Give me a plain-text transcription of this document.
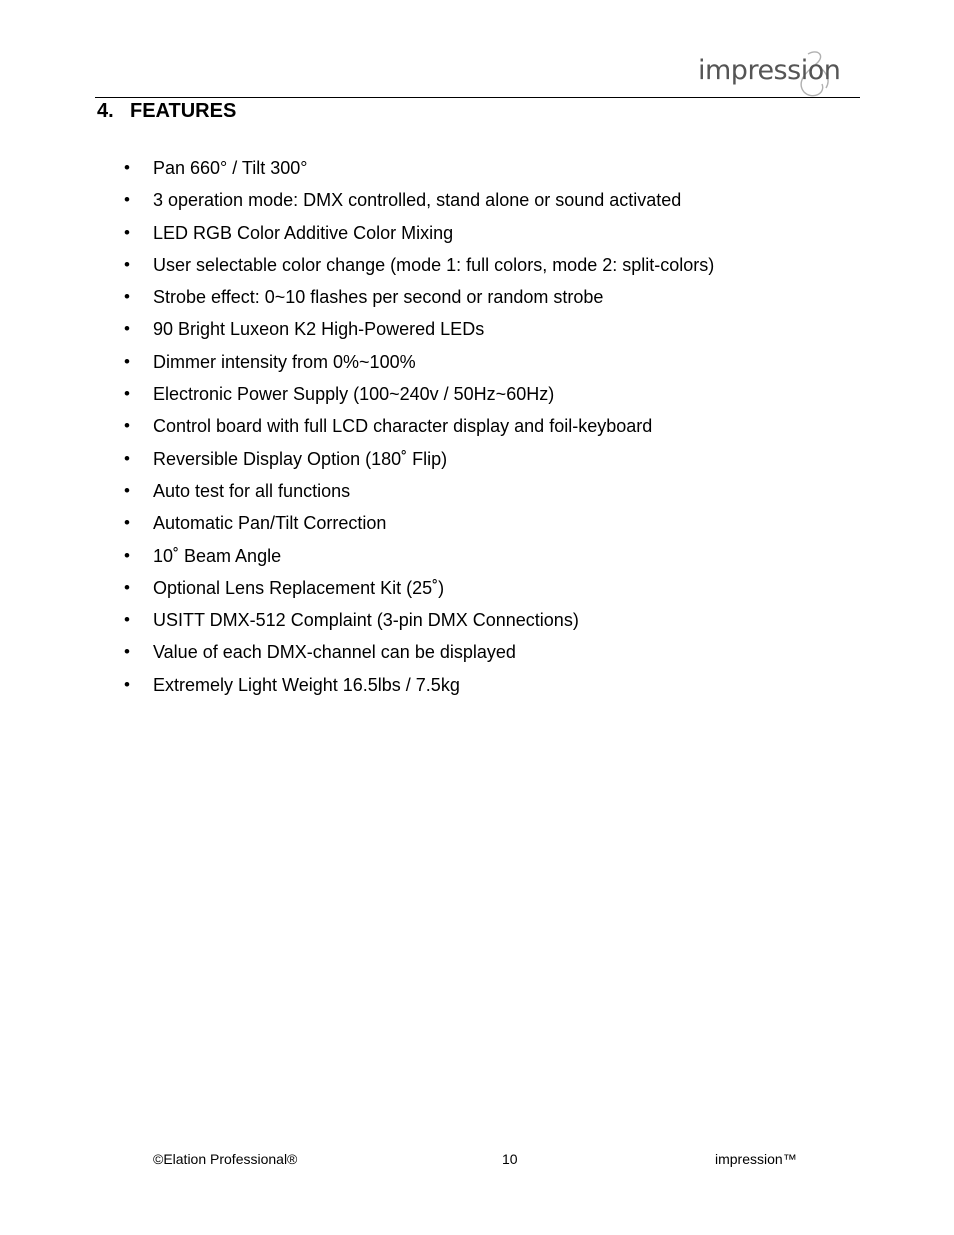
impression
4. FEATURES
• Pan 660° / Tilt 300°
• 3 operation mode: DMX controlled, stand alone or sound activated
• LED RGB Color Additive Color Mixing
• User selectable color change (mode 1: full colors, mode 2: split-colors)
• Strobe effect: 0~10 flashes per second or random strobe
• 90 Bright Luxeon K2 High-Powered LEDs
• Dimmer intensity from 0%~100%
• Electronic Power Supply (100~240v / 50Hz~60Hz)
• Control board with full LCD character display and foil-keyboard
• Reversible Display Option (180˚ Flip)
• Auto test for all functions
• Automatic Pan/Tilt Correction
• 10˚ Beam Angle
• Optional Lens Replacement Kit (25˚)
• USITT DMX-512 Complaint (3-pin DMX Connections)
• Value of each DMX-channel can be displayed
• Extremely Light Weight 16.5lbs / 7.5kg
©Elation Professional®	10	impression™
